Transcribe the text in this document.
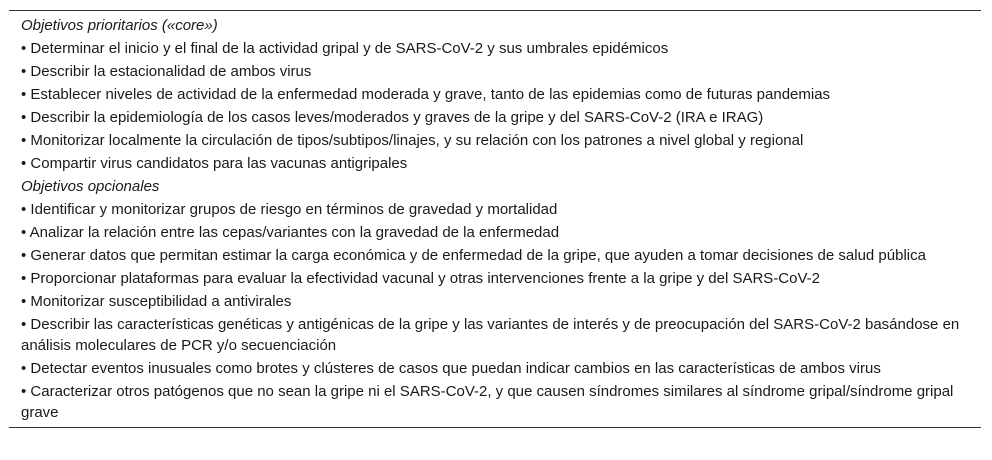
Objetivos prioritarios («core»)
• Determinar el inicio y el final de la actividad gripal y de SARS-CoV-2 y sus umbrales epidémicos
• Describir la estacionalidad de ambos virus
• Establecer niveles de actividad de la enfermedad moderada y grave, tanto de las epidemias como de futuras pandemias
• Describir la epidemiología de los casos leves/moderados y graves de la gripe y del SARS-CoV-2 (IRA e IRAG)
• Monitorizar localmente la circulación de tipos/subtipos/linajes, y su relación con los patrones a nivel global y regional
• Compartir virus candidatos para las vacunas antigripales
Objetivos opcionales
• Identificar y monitorizar grupos de riesgo en términos de gravedad y mortalidad
• Analizar la relación entre las cepas/variantes con la gravedad de la enfermedad
• Generar datos que permitan estimar la carga económica y de enfermedad de la gripe, que ayuden a tomar decisiones de salud pública
• Proporcionar plataformas para evaluar la efectividad vacunal y otras intervenciones frente a la gripe y del SARS-CoV-2
• Monitorizar susceptibilidad a antivirales
• Describir las características genéticas y antigénicas de la gripe y las variantes de interés y de preocupación del SARS-CoV-2 basándose en análisis moleculares de PCR y/o secuenciación
• Detectar eventos inusuales como brotes y clústeres de casos que puedan indicar cambios en las características de ambos virus
• Caracterizar otros patógenos que no sean la gripe ni el SARS-CoV-2, y que causen síndromes similares al síndrome gripal/síndrome gripal grave
